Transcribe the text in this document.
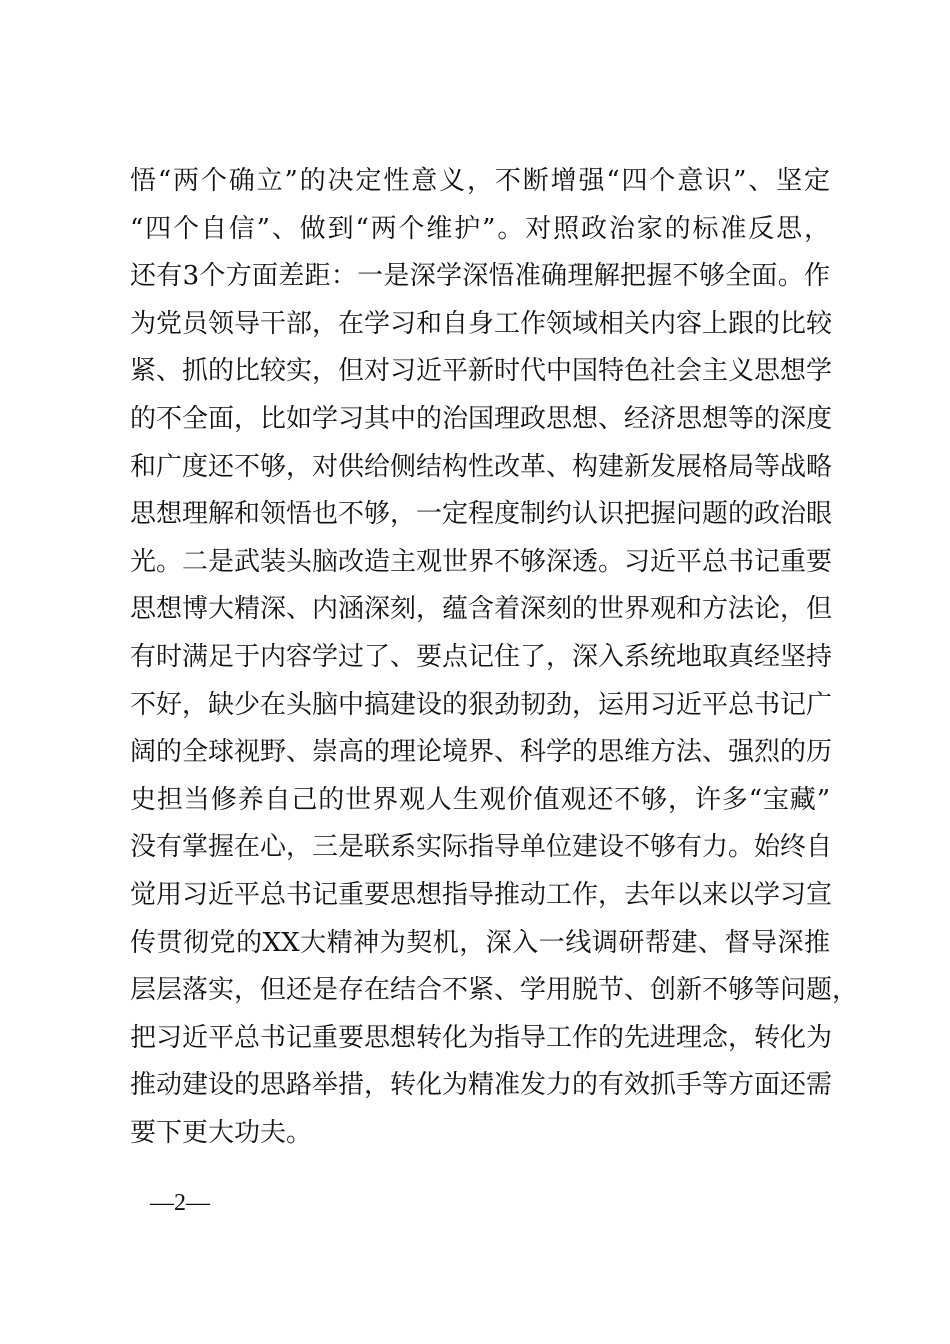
悟“两个确立”的决定性意义，不断增强“四个意识”、坚定
“四个自信”、做到“两个维护”。对照政治家的标准反思，
还有3个方面差距：一是深学深悟准确理解把握不够全面。作
为党员领导干部，在学习和自身工作领域相关内容上跟的比较
紧、抓的比较实，但对习近平新时代中国特色社会主义思想学
的不全面，比如学习其中的治国理政思想、经济思想等的深度
和广度还不够，对供给侧结构性改革、构建新发展格局等战略
思想理解和领悟也不够，一定程度制约认识把握问题的政治眼
光。二是武装头脑改造主观世界不够深透。习近平总书记重要
思想博大精深、内涵深刻，蕴含着深刻的世界观和方法论，但
有时满足于内容学过了、要点记住了，深入系统地取真经坚持
不好，缺少在头脑中搞建设的狠劲韧劲，运用习近平总书记广
阔的全球视野、崇高的理论境界、科学的思维方法、强烈的历
史担当修养自己的世界观人生观价值观还不够，许多“宝藏”
没有掌握在心，三是联系实际指导单位建设不够有力。始终自
觉用习近平总书记重要思想指导推动工作，去年以来以学习宣
传贯彻党的XX大精神为契机，深入一线调研帮建、督导深推
层层落实，但还是存在结合不紧、学用脱节、创新不够等问题，
把习近平总书记重要思想转化为指导工作的先进理念，转化为
推动建设的思路举措，转化为精准发力的有效抓手等方面还需
要下更大功夫。
—2—
